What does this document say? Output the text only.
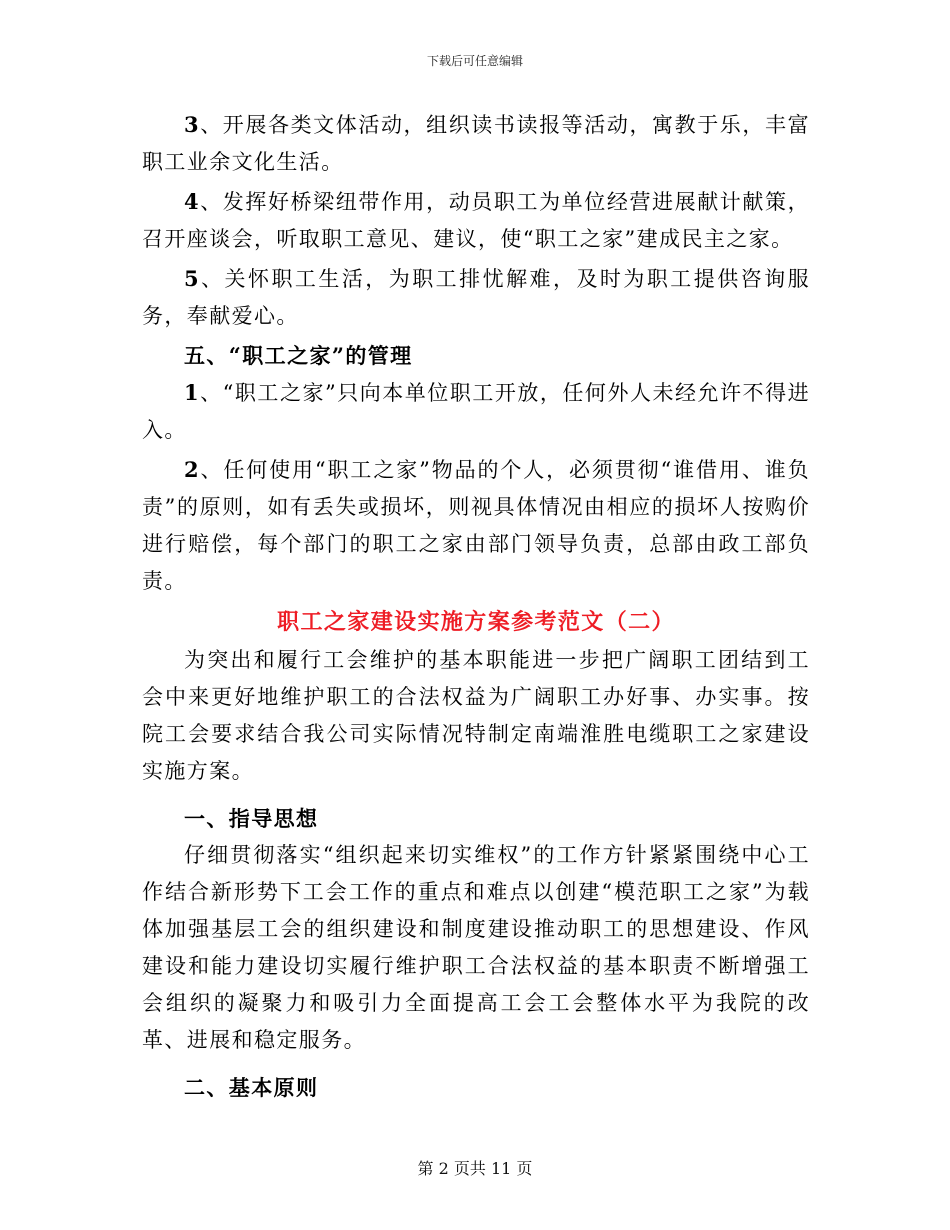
下载后可任意编辑

3、开展各类文体活动，组织读书读报等活动，寓教于乐，丰富职工业余文化生活。

4、发挥好桥梁纽带作用，动员职工为单位经营进展献计献策，召开座谈会，听取职工意见、建议，使“职工之家”建成民主之家。

5、关怀职工生活，为职工排忧解难，及时为职工提供咨询服务，奉献爱心。

五、“职工之家”的管理

1、“职工之家”只向本单位职工开放，任何外人未经允许不得进入。

2、任何使用“职工之家”物品的个人，必须贯彻“谁借用、谁负责”的原则，如有丢失或损坏，则视具体情况由相应的损坏人按购价进行赔偿，每个部门的职工之家由部门领导负责，总部由政工部负责。

职工之家建设实施方案参考范文（二）

为突出和履行工会维护的基本职能进一步把广阔职工团结到工会中来更好地维护职工的合法权益为广阔职工办好事、办实事。按院工会要求结合我公司实际情况特制定南端淮胜电缆职工之家建设实施方案。

一、指导思想

仔细贯彻落实“组织起来切实维权”的工作方针紧紧围绕中心工作结合新形势下工会工作的重点和难点以创建“模范职工之家”为载体加强基层工会的组织建设和制度建设推动职工的思想建设、作风建设和能力建设切实履行维护职工合法权益的基本职责不断增强工会组织的凝聚力和吸引力全面提高工会工会整体水平为我院的改革、进展和稳定服务。

二、基本原则

第 2 页共 11 页
